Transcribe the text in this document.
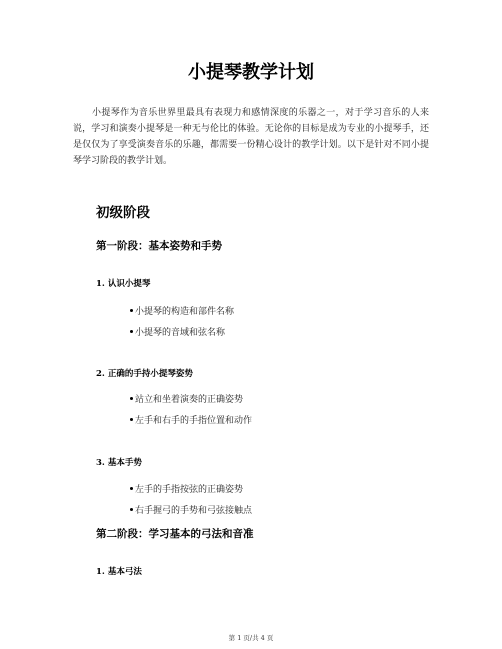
小提琴教学计划

小提琴作为音乐世界里最具有表现力和感情深度的乐器之一，对于学习音乐的人来说，学习和演奏小提琴是一种无与伦比的体验。无论你的目标是成为专业的小提琴手，还是仅仅为了享受演奏音乐的乐趣，都需要一份精心设计的教学计划。以下是针对不同小提琴学习阶段的教学计划。

初级阶段
第一阶段：基本姿势和手势
1. 认识小提琴
小提琴的构造和部件名称
小提琴的音域和弦名称
2. 正确的手持小提琴姿势
站立和坐着演奏的正确姿势
左手和右手的手指位置和动作
3. 基本手势
左手的手指按弦的正确姿势
右手握弓的手势和弓弦接触点
第二阶段：学习基本的弓法和音准
1. 基本弓法
第 1 页/共 4 页
